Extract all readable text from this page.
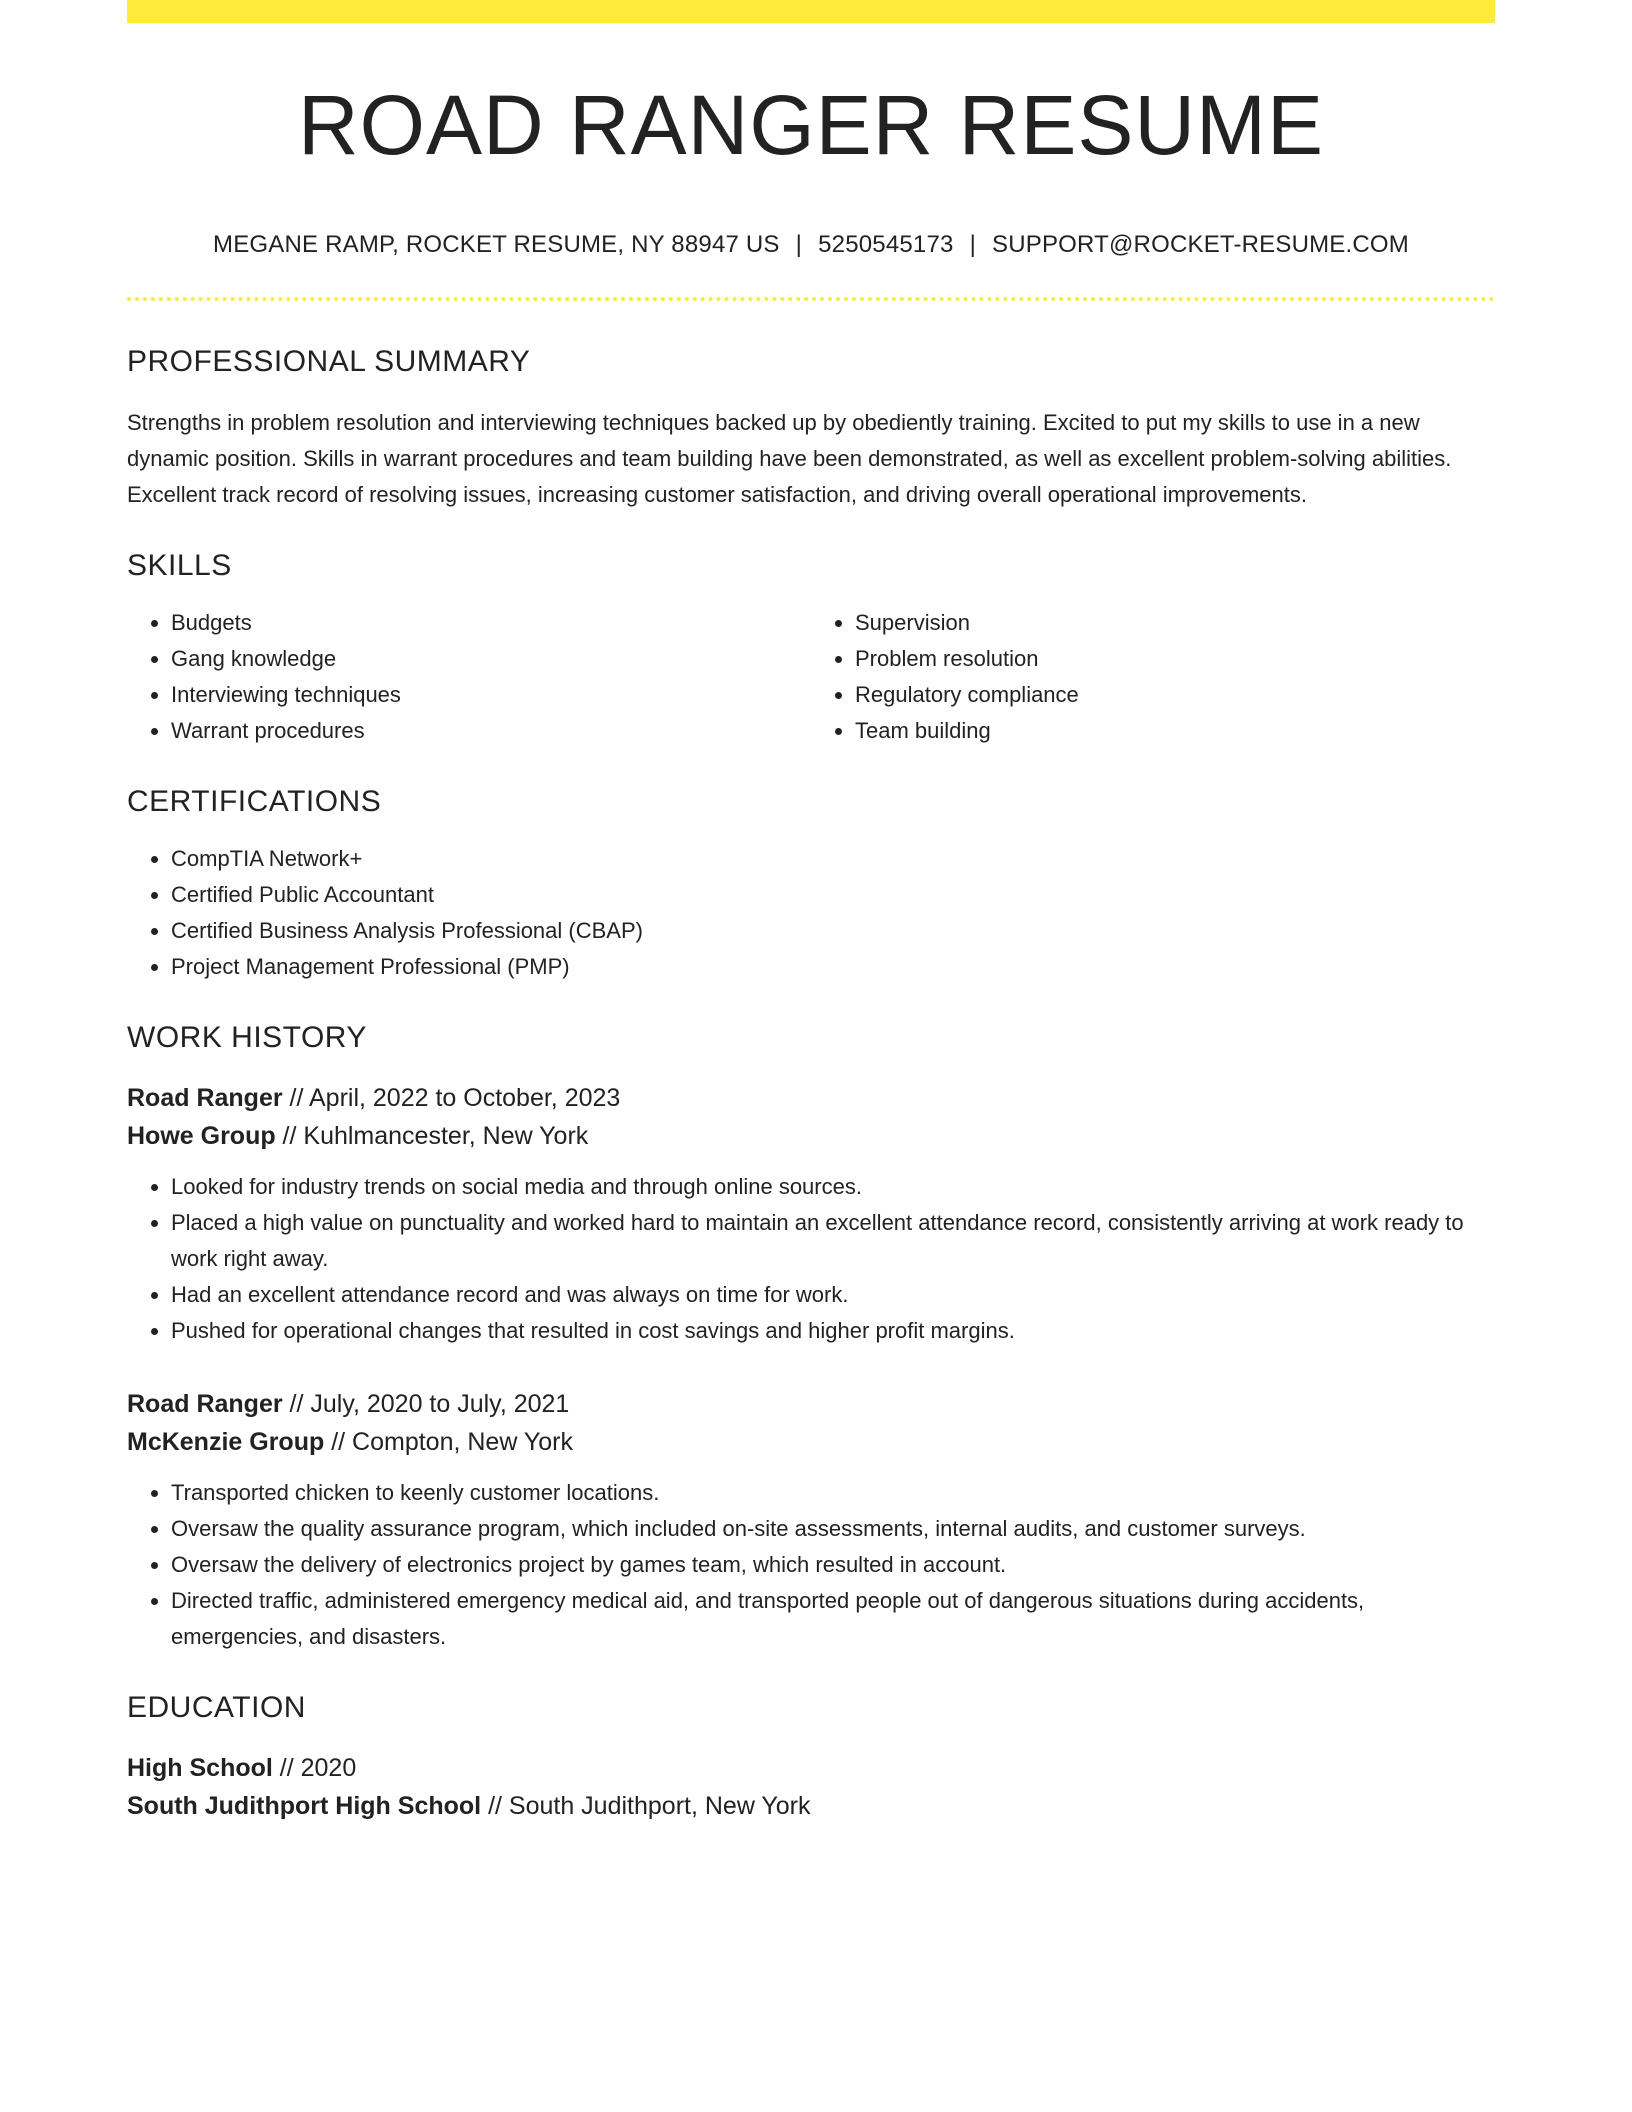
ROAD RANGER RESUME
MEGANE RAMP, ROCKET RESUME, NY 88947 US | 5250545173 | SUPPORT@ROCKET-RESUME.COM
PROFESSIONAL SUMMARY
Strengths in problem resolution and interviewing techniques backed up by obediently training. Excited to put my skills to use in a new dynamic position. Skills in warrant procedures and team building have been demonstrated, as well as excellent problem-solving abilities. Excellent track record of resolving issues, increasing customer satisfaction, and driving overall operational improvements.
SKILLS
• Budgets
• Gang knowledge
• Interviewing techniques
• Warrant procedures
• Supervision
• Problem resolution
• Regulatory compliance
• Team building
CERTIFICATIONS
• CompTIA Network+
• Certified Public Accountant
• Certified Business Analysis Professional (CBAP)
• Project Management Professional (PMP)
WORK HISTORY
Road Ranger // April, 2022 to October, 2023
Howe Group // Kuhlmancester, New York
• Looked for industry trends on social media and through online sources.
• Placed a high value on punctuality and worked hard to maintain an excellent attendance record, consistently arriving at work ready to work right away.
• Had an excellent attendance record and was always on time for work.
• Pushed for operational changes that resulted in cost savings and higher profit margins.
Road Ranger // July, 2020 to July, 2021
McKenzie Group // Compton, New York
• Transported chicken to keenly customer locations.
• Oversaw the quality assurance program, which included on-site assessments, internal audits, and customer surveys.
• Oversaw the delivery of electronics project by games team, which resulted in account.
• Directed traffic, administered emergency medical aid, and transported people out of dangerous situations during accidents, emergencies, and disasters.
EDUCATION
High School // 2020
South Judithport High School // South Judithport, New York
